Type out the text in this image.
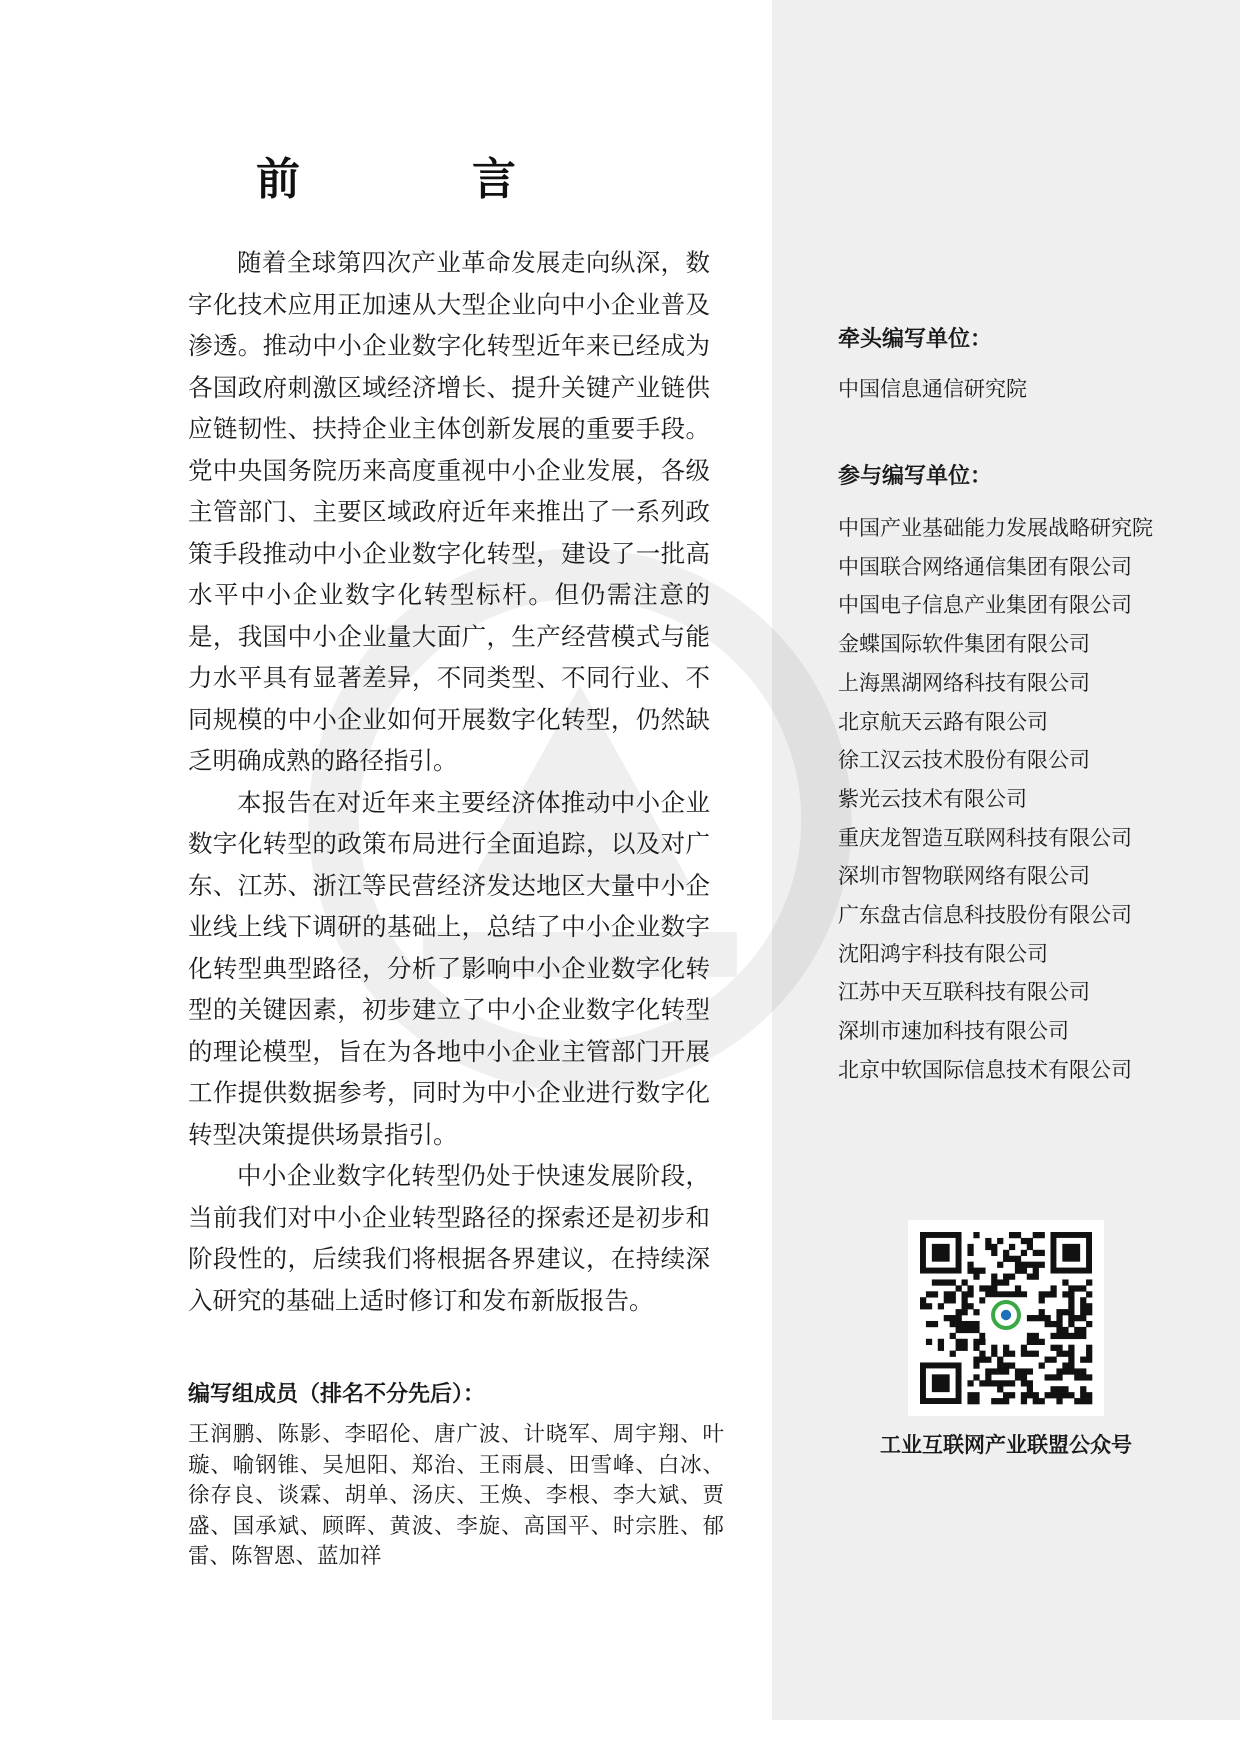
前　言

随着全球第四次产业革命发展走向纵深，数字化技术应用正加速从大型企业向中小企业普及渗透。推动中小企业数字化转型近年来已经成为各国政府刺激区域经济增长、提升关键产业链供应链韧性、扶持企业主体创新发展的重要手段。党中央国务院历来高度重视中小企业发展，各级主管部门、主要区域政府近年来推出了一系列政策手段推动中小企业数字化转型，建设了一批高水平中小企业数字化转型标杆。但仍需注意的是，我国中小企业量大面广，生产经营模式与能力水平具有显著差异，不同类型、不同行业、不同规模的中小企业如何开展数字化转型，仍然缺乏明确成熟的路径指引。

本报告在对近年来主要经济体推动中小企业数字化转型的政策布局进行全面追踪，以及对广东、江苏、浙江等民营经济发达地区大量中小企业线上线下调研的基础上，总结了中小企业数字化转型典型路径，分析了影响中小企业数字化转型的关键因素，初步建立了中小企业数字化转型的理论模型，旨在为各地中小企业主管部门开展工作提供数据参考，同时为中小企业进行数字化转型决策提供场景指引。

中小企业数字化转型仍处于快速发展阶段，当前我们对中小企业转型路径的探索还是初步和阶段性的，后续我们将根据各界建议，在持续深入研究的基础上适时修订和发布新版报告。

编写组成员（排名不分先后）：

王润鹏、陈影、李昭伦、唐广波、计晓军、周宇翔、叶璇、喻钢锥、吴旭阳、郑治、王雨晨、田雪峰、白冰、徐存良、谈霖、胡单、汤庆、王焕、李根、李大斌、贾盛、国承斌、顾晖、黄波、李旋、高国平、时宗胜、郁雷、陈智恩、蓝加祥

牵头编写单位：

中国信息通信研究院

参与编写单位：
中国产业基础能力发展战略研究院
中国联合网络通信集团有限公司
中国电子信息产业集团有限公司
金蝶国际软件集团有限公司
上海黑湖网络科技有限公司
北京航天云路有限公司
徐工汉云技术股份有限公司
紫光云技术有限公司
重庆龙智造互联网科技有限公司
深圳市智物联网络有限公司
广东盘古信息科技股份有限公司
沈阳鸿宇科技有限公司
江苏中天互联科技有限公司
深圳市速加科技有限公司
北京中软国际信息技术有限公司

工业互联网产业联盟公众号
